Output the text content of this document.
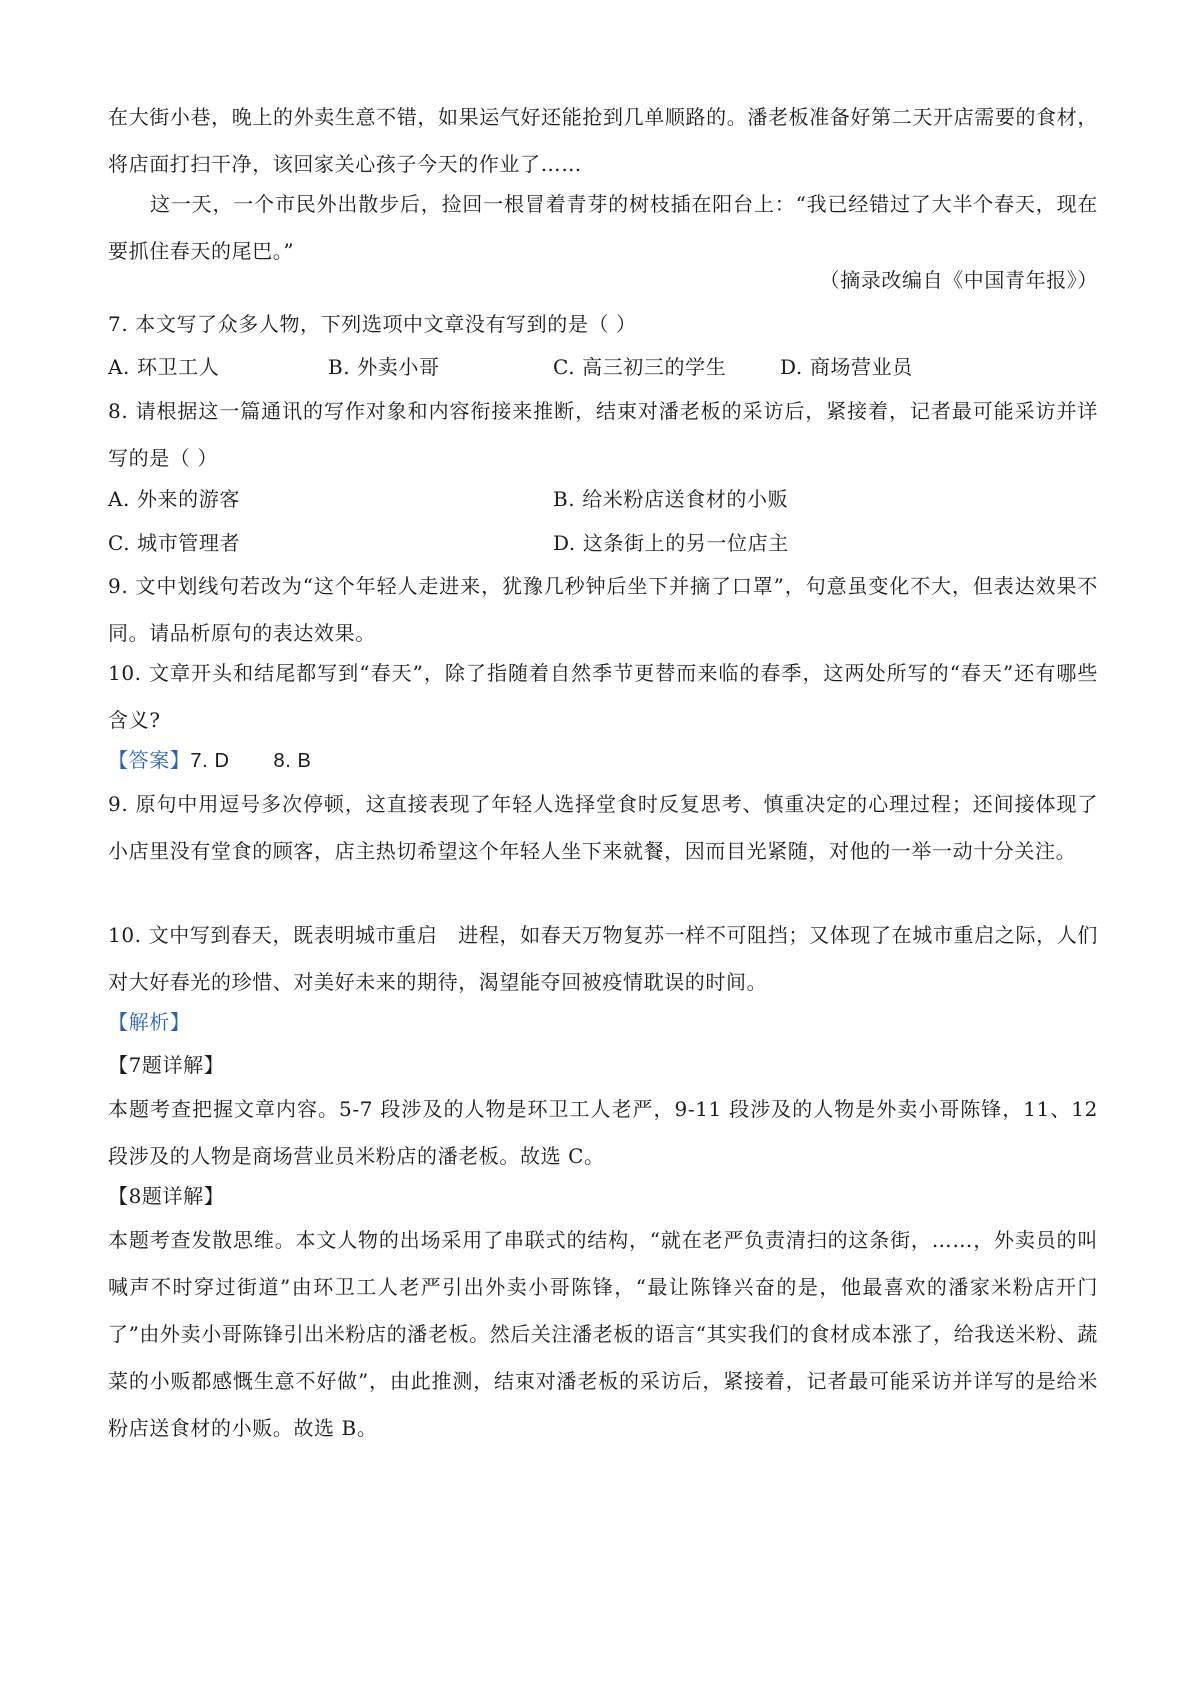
在大街小巷，晚上的外卖生意不错，如果运气好还能抢到几单顺路的。潘老板准备好第二天开店需要的食材，将店面打扫干净，该回家关心孩子今天的作业了……

这一天，一个市民外出散步后，捡回一根冒着青芽的树枝插在阳台上：“我已经错过了大半个春天，现在要抓住春天的尾巴。”

（摘录改编自《中国青年报》）

7. 本文写了众多人物，下列选项中文章没有写到的是（ ）

A. 环卫工人	B. 外卖小哥	C. 高三初三的学生	D. 商场营业员

8. 请根据这一篇通讯的写作对象和内容衔接来推断，结束对潘老板的采访后，紧接着，记者最可能采访并详写的是（ ）

A. 外来的游客	B. 给米粉店送食材的小贩
C. 城市管理者	D. 这条街上的另一位店主

9. 文中划线句若改为“这个年轻人走进来，犹豫几秒钟后坐下并摘了口罩”，句意虽变化不大，但表达效果不同。请品析原句的表达效果。

10. 文章开头和结尾都写到“春天”，除了指随着自然季节更替而来临的春季，这两处所写的“春天”还有哪些含义?

【答案】7. D 8. B

9. 原句中用逗号多次停顿，这直接表现了年轻人选择堂食时反复思考、慎重决定的心理过程；还间接体现了小店里没有堂食的顾客，店主热切希望这个年轻人坐下来就餐，因而目光紧随，对他的一举一动十分关注。

10. 文中写到春天，既表明城市重启　进程，如春天万物复苏一样不可阻挡；又体现了在城市重启之际，人们对大好春光的珍惜、对美好未来的期待，渴望能夺回被疫情耽误的时间。

【解析】
【7题详解】

本题考查把握文章内容。5-7 段涉及的人物是环卫工人老严，9-11 段涉及的人物是外卖小哥陈锋，11、12 段涉及的人物是商场营业员米粉店的潘老板。故选 C。

【8题详解】

本题考查发散思维。本文人物的出场采用了串联式的结构，“就在老严负责清扫的这条街，……，外卖员的叫喊声不时穿过街道”由环卫工人老严引出外卖小哥陈锋，“最让陈锋兴奋的是，他最喜欢的潘家米粉店开门了”由外卖小哥陈锋引出米粉店的潘老板。然后关注潘老板的语言“其实我们的食材成本涨了，给我送米粉、蔬菜的小贩都感慨生意不好做”，由此推测，结束对潘老板的采访后，紧接着，记者最可能采访并详写的是给米粉店送食材的小贩。故选 B。
